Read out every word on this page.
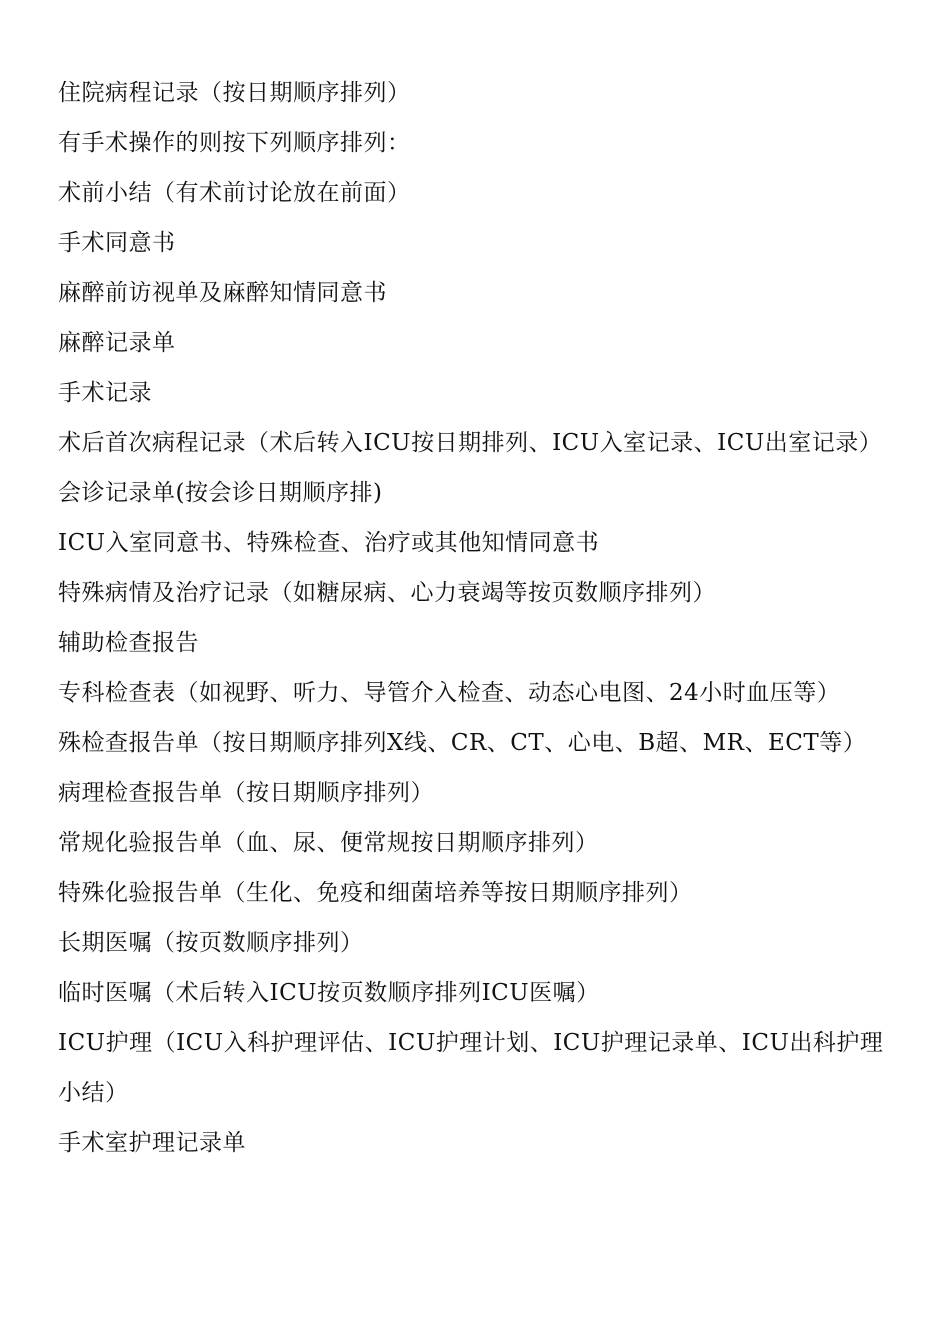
住院病程记录（按日期顺序排列）

有手术操作的则按下列顺序排列：

术前小结（有术前讨论放在前面）

手术同意书

麻醉前访视单及麻醉知情同意书

麻醉记录单

手术记录

术后首次病程记录（术后转入ICU按日期排列、ICU入室记录、ICU出室记录）

会诊记录单(按会诊日期顺序排)

ICU入室同意书、特殊检查、治疗或其他知情同意书

特殊病情及治疗记录（如糖尿病、心力衰竭等按页数顺序排列）

辅助检查报告

专科检查表（如视野、听力、导管介入检查、动态心电图、24小时血压等）

殊检查报告单（按日期顺序排列X线、CR、CT、心电、B超、MR、ECT等）

病理检查报告单（按日期顺序排列）

常规化验报告单（血、尿、便常规按日期顺序排列）

特殊化验报告单（生化、免疫和细菌培养等按日期顺序排列）

长期医嘱（按页数顺序排列）

临时医嘱（术后转入ICU按页数顺序排列ICU医嘱）

ICU护理（ICU入科护理评估、ICU护理计划、ICU护理记录单、ICU出科护理小结）

手术室护理记录单
